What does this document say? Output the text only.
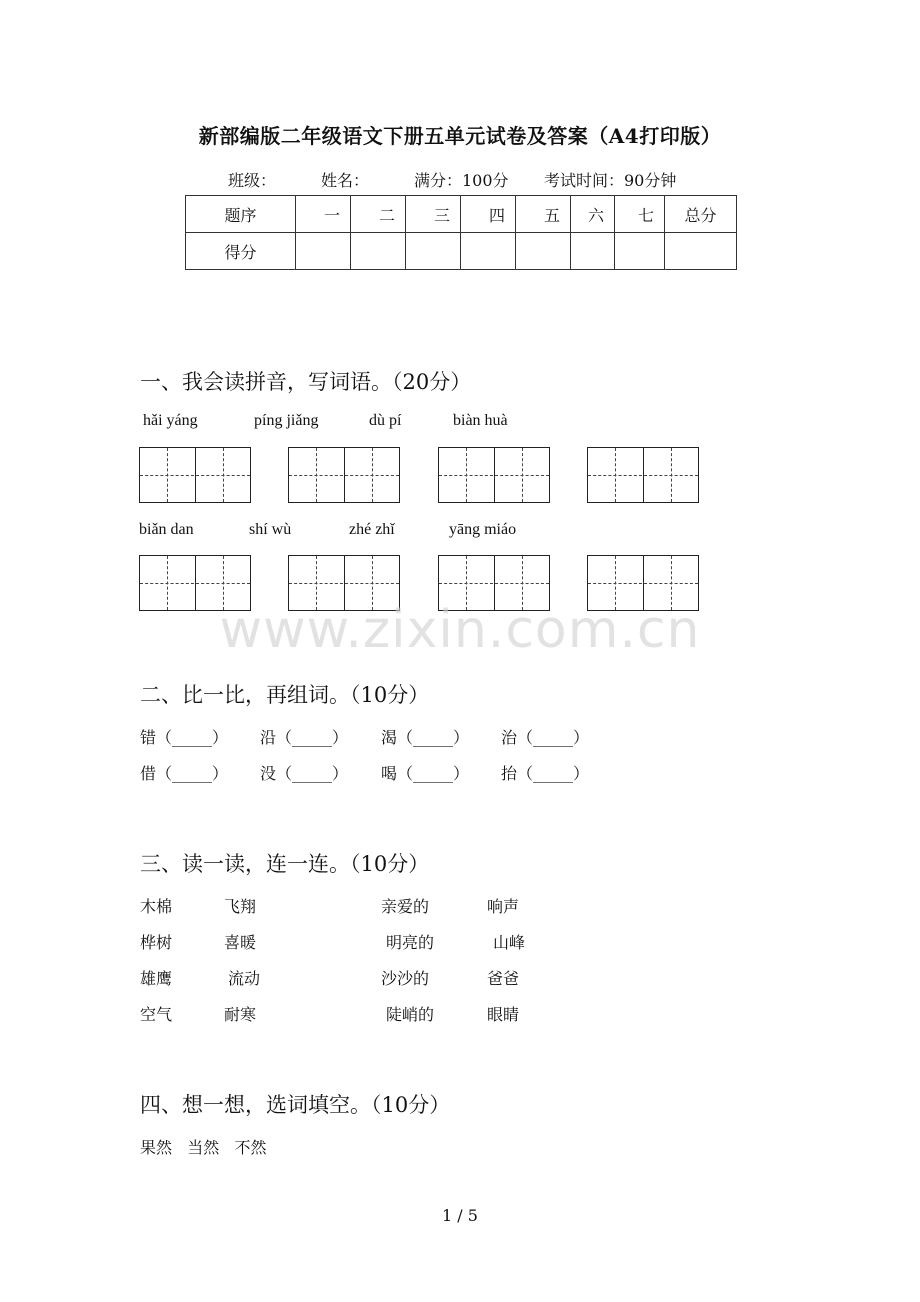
新部编版二年级语文下册五单元试卷及答案（A4打印版）
班级：	姓名：	满分：100分 考试时间：90分钟
题序	一	二	三	四	五	六	七	总分
得分								
一、我会读拼音，写词语。（20分）
hǎi yáng	píng jiǎng	dù pí	biàn huà
biǎn dan	shí wù	zhé zhǐ	yāng miáo
www.zixin.com.cn
二、比一比，再组词。（10分）
错（_____） 沿（_____） 渴（_____） 治（_____）
借（_____） 没（_____） 喝（_____） 抬（_____）
三、读一读，连一连。（10分）
木棉	飞翔	亲爱的	响声
桦树	喜暖	明亮的	山峰
雄鹰	流动	沙沙的	爸爸
空气	耐寒	陡峭的	眼睛
四、想一想，选词填空。（10分）
果然   当然   不然
1 / 5
